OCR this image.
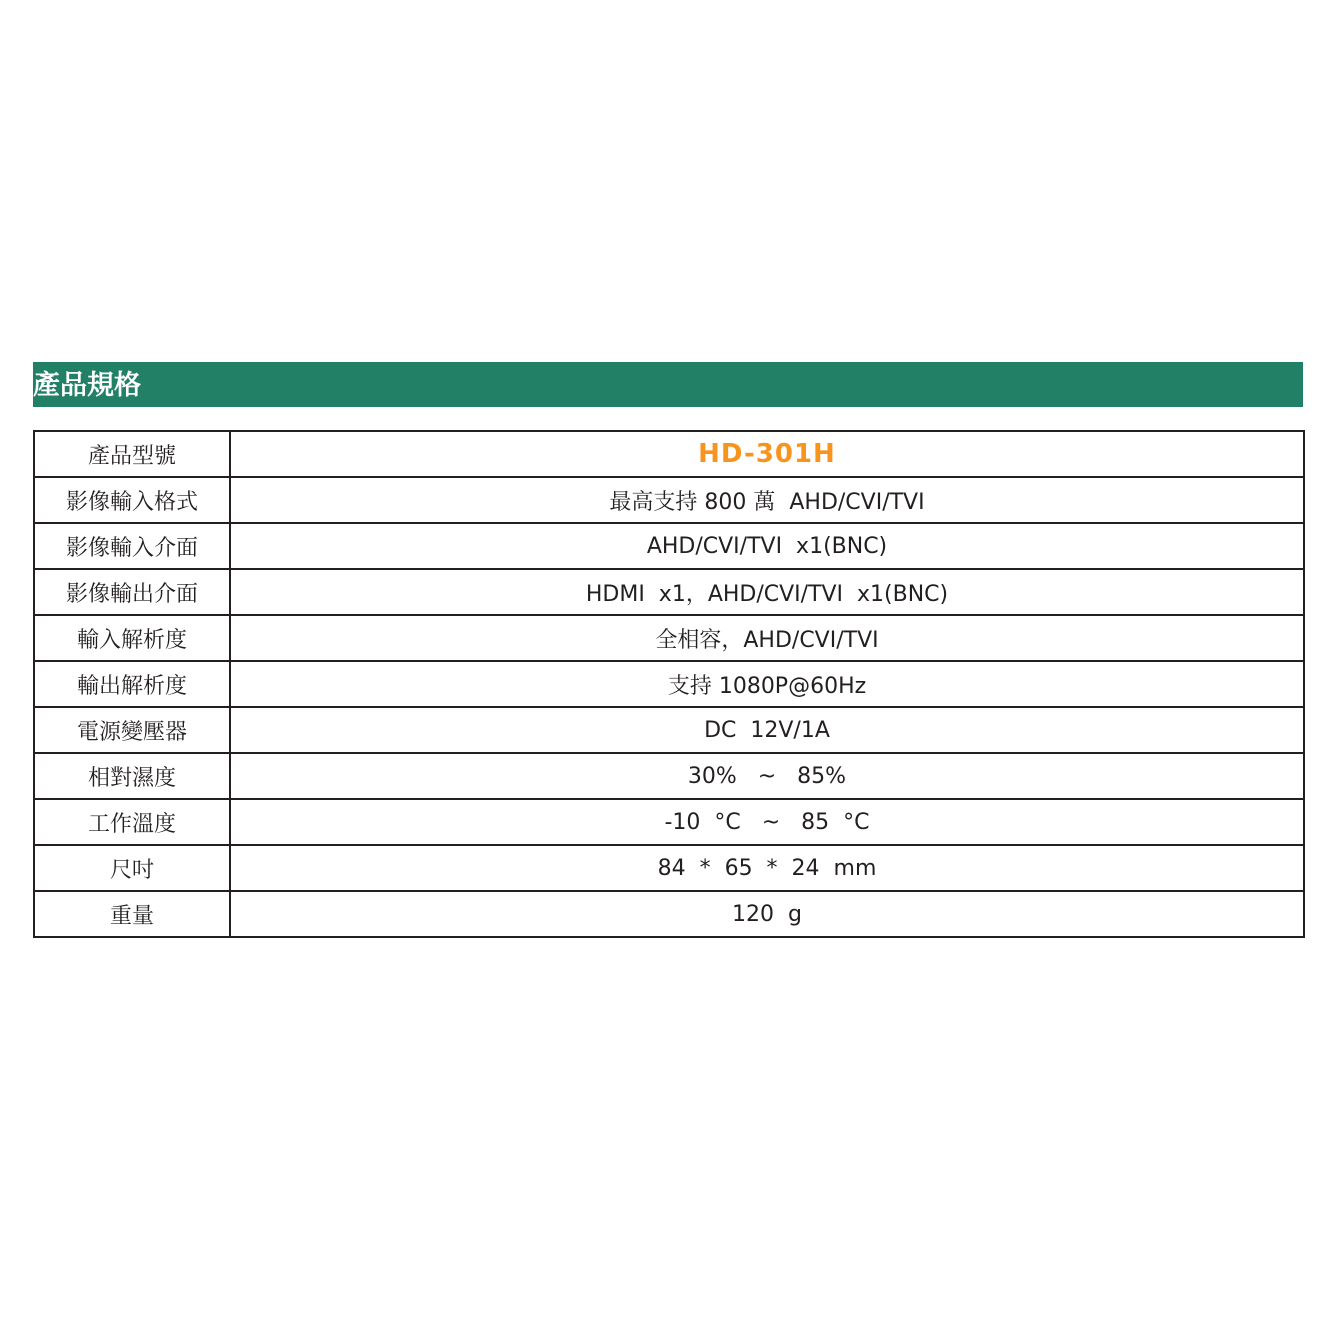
產品規格
產品型號	HD-301H
影像輸入格式	最高支持 800 萬  AHD/CVI/TVI
影像輸入介面	AHD/CVI/TVI  x1(BNC)
影像輸出介面	HDMI  x1，AHD/CVI/TVI  x1(BNC)
輸入解析度	全相容，AHD/CVI/TVI
輸出解析度	支持 1080P@60Hz
電源變壓器	DC  12V/1A
相對濕度	30%   ~   85%
工作溫度	-10  °C   ~   85  °C
尺吋	84  *  65  *  24  mm
重量	120  g
